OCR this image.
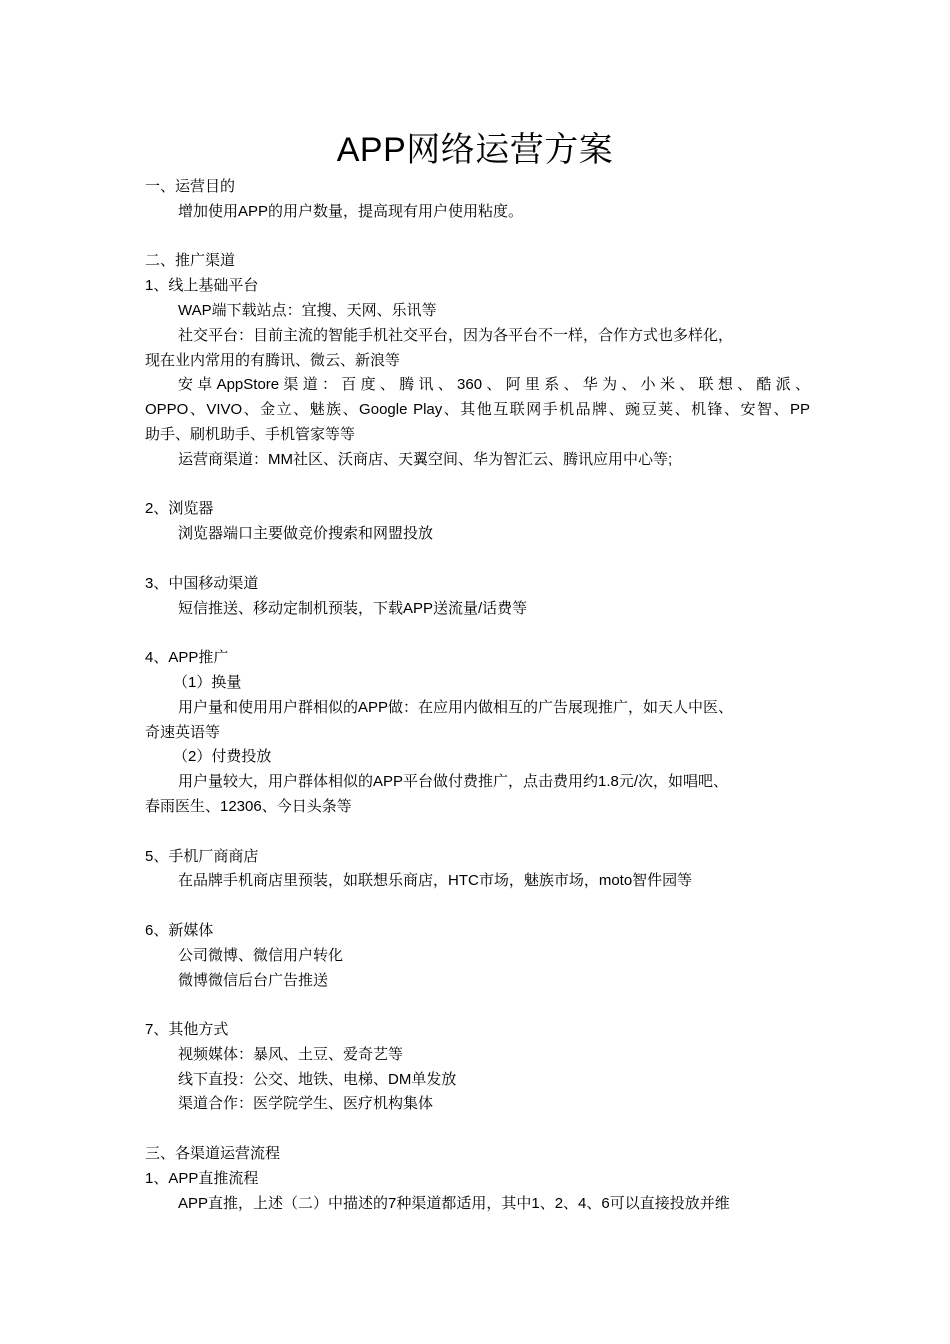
APP网络运营方案
一、运营目的
增加使用APP的用户数量，提高现有用户使用粘度。
二、推广渠道
1、线上基础平台
WAP端下载站点：宜搜、天网、乐讯等
社交平台：目前主流的智能手机社交平台，因为各平台不一样，合作方式也多样化，
现在业内常用的有腾讯、微云、新浪等
安卓AppStore渠道：百度、腾讯、360、阿里系、华为、小米、联想、酷派、
OPPO、VIVO、金立、魅族、Google Play、其他互联网手机品牌、豌豆荚、机锋、安智、PP
助手、刷机助手、手机管家等等
运营商渠道：MM社区、沃商店、天翼空间、华为智汇云、腾讯应用中心等;
2、浏览器
浏览器端口主要做竞价搜索和网盟投放
3、中国移动渠道
短信推送、移动定制机预装，下载APP送流量/话费等
4、APP推广
（1）换量
用户量和使用用户群相似的APP做：在应用内做相互的广告展现推广，如天人中医、
奇速英语等
（2）付费投放
用户量较大，用户群体相似的APP平台做付费推广，点击费用约1.8元/次，如唱吧、
春雨医生、12306、今日头条等
5、手机厂商商店
在品牌手机商店里预装，如联想乐商店，HTC市场，魅族市场，moto智件园等
6、新媒体
公司微博、微信用户转化
微博微信后台广告推送
7、其他方式
视频媒体：暴风、土豆、爱奇艺等
线下直投：公交、地铁、电梯、DM单发放
渠道合作：医学院学生、医疗机构集体
三、各渠道运营流程
1、APP直推流程
APP直推，上述（二）中描述的7种渠道都适用，其中1、2、4、6可以直接投放并维
